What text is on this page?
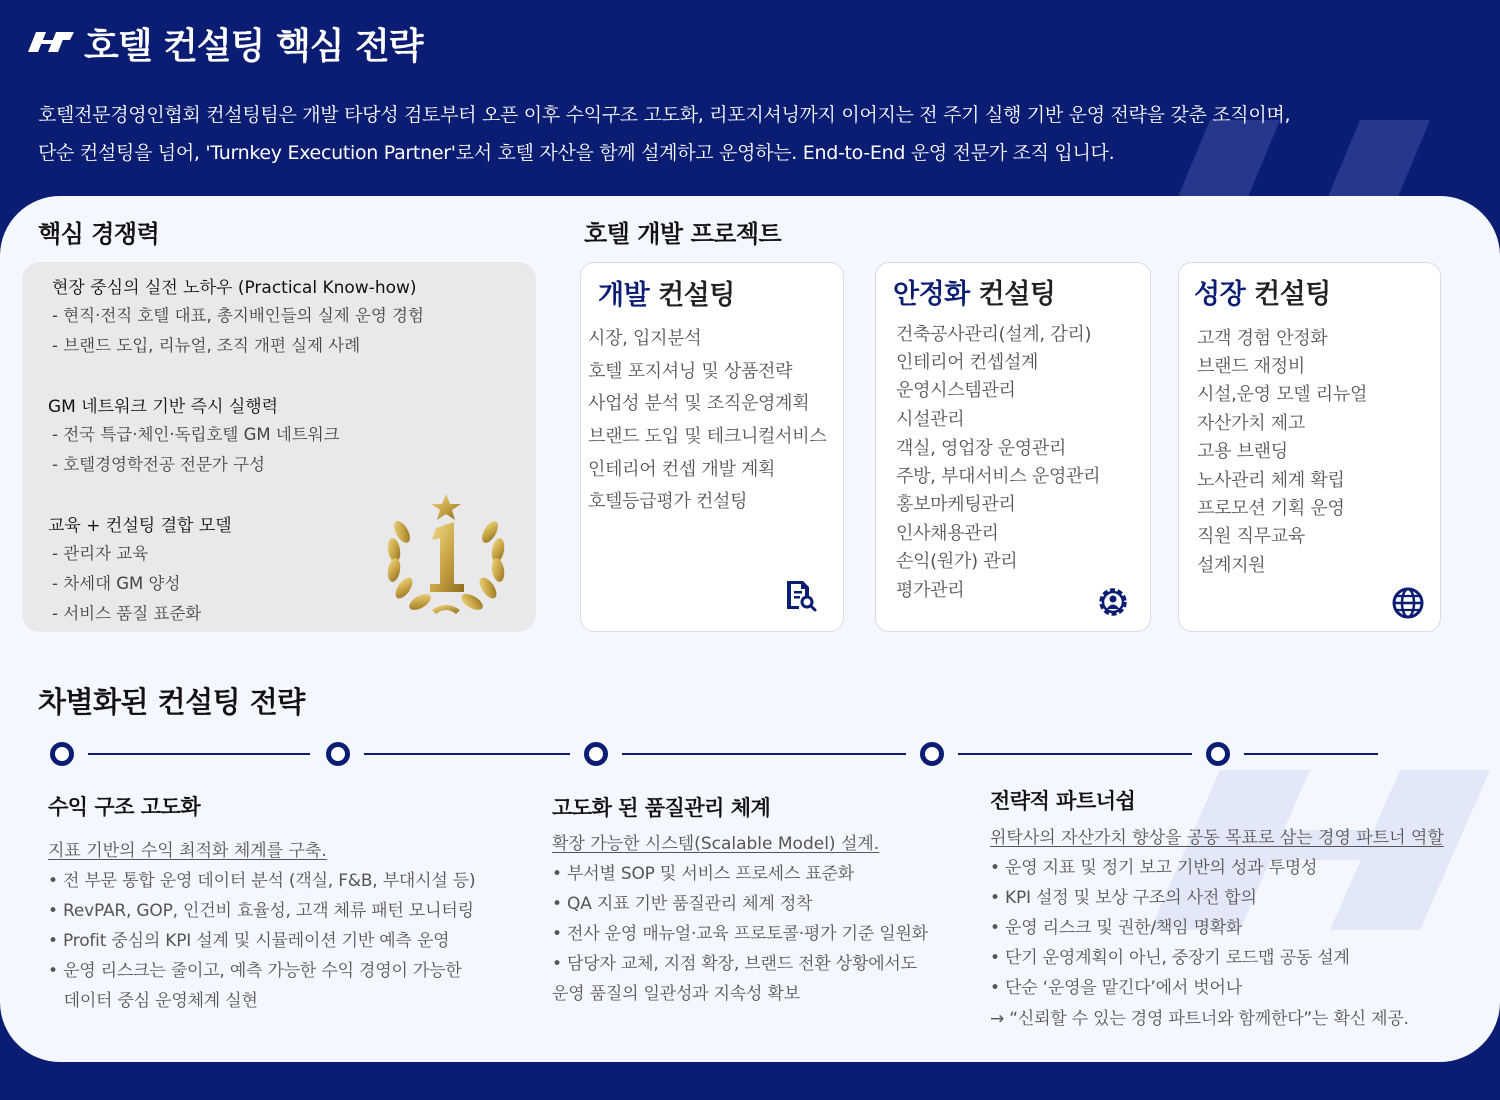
호텔 컨설팅 핵심 전략
호텔전문경영인협회 컨설팅팀은 개발 타당성 검토부터 오픈 이후 수익구조 고도화, 리포지셔닝까지 이어지는 전 주기 실행 기반 운영 전략을 갖춘 조직이며,
단순 컨설팅을 넘어, 'Turnkey Execution Partner'로서 호텔 자산을 함께 설계하고 운영하는. End-to-End 운영 전문가 조직 입니다.
핵심 경쟁력
현장 중심의 실전 노하우 (Practical Know-how)
- 현직·전직 호텔 대표, 총지배인들의 실제 운영 경험
- 브랜드 도입, 리뉴얼, 조직 개편 실제 사례
GM 네트워크 기반 즉시 실행력
- 전국 특급·체인·독립호텔 GM 네트워크
- 호텔경영학전공 전문가 구성
교육 + 컨설팅 결합 모델
- 관리자 교육
- 차세대 GM 양성
- 서비스 품질 표준화
호텔 개발 프로젝트
개발 컨설팅
시장, 입지분석
호텔 포지셔닝 및 상품전략
사업성 분석 및 조직운영계획
브랜드 도입 및 테크니컬서비스
인테리어 컨셉 개발 계획
호텔등급평가 컨설팅
안정화 컨설팅
건축공사관리(설계, 감리)
인테리어 컨셉설계
운영시스템관리
시설관리
객실, 영업장 운영관리
주방, 부대서비스 운영관리
홍보마케팅관리
인사채용관리
손익(원가) 관리
평가관리
성장 컨설팅
고객 경험 안정화
브랜드 재정비
시설,운영 모델 리뉴얼
자산가치 제고
고용 브랜딩
노사관리 체계 확립
프로모션 기획 운영
직원 직무교육
설계지원
차별화된 컨설팅 전략
수익 구조 고도화
지표 기반의 수익 최적화 체계를 구축.
• 전 부문 통합 운영 데이터 분석 (객실, F&B, 부대시설 등)
• RevPAR, GOP, 인건비 효율성, 고객 체류 패턴 모니터링
• Profit 중심의 KPI 설계 및 시뮬레이션 기반 예측 운영
• 운영 리스크는 줄이고, 예측 가능한 수익 경영이 가능한
데이터 중심 운영체계 실현
고도화 된 품질관리 체계
확장 가능한 시스템(Scalable Model) 설계.
• 부서별 SOP 및 서비스 프로세스 표준화
• QA 지표 기반 품질관리 체계 정착
• 전사 운영 매뉴얼·교육 프로토콜·평가 기준 일원화
• 담당자 교체, 지점 확장, 브랜드 전환 상황에서도
운영 품질의 일관성과 지속성 확보
전략적 파트너쉽
위탁사의 자산가치 향상을 공동 목표로 삼는 경영 파트너 역할
• 운영 지표 및 정기 보고 기반의 성과 투명성
• KPI 설정 및 보상 구조의 사전 합의
• 운영 리스크 및 권한/책임 명확화
• 단기 운영계획이 아닌, 중장기 로드맵 공동 설계
• 단순 ‘운영을 맡긴다’에서 벗어나
→ “신뢰할 수 있는 경영 파트너와 함께한다”는 확신 제공.
